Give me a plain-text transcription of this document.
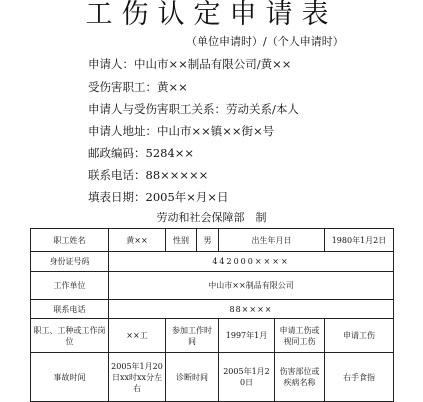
工伤认定申请表
（单位申请时）/（个人申请时）
申请人：中山市××制品有限公司/黄××
受伤害职工：黄××
申请人与受伤害职工关系：劳动关系/本人
申请人地址：中山市××镇××街×号
邮政编码：5284××
联系电话：88×××××
填表日期：2005年×月×日
劳动和社会保障部　制
职工姓名	黄××	性别	男	出生年月日		1980年1月2日
身份证号码	442000××××					
工作单位	中山市××制品有限公司					
联系电话	88××××					
职工、工种或工作岗位	××工	参加工作时　　间		1997年1月	申请工伤或视同工伤	申请工伤
事故时间	2005年1月20日xx时xx分左右	诊断时间		2005年1月20日	伤害部位或疾病名称	右手食指
